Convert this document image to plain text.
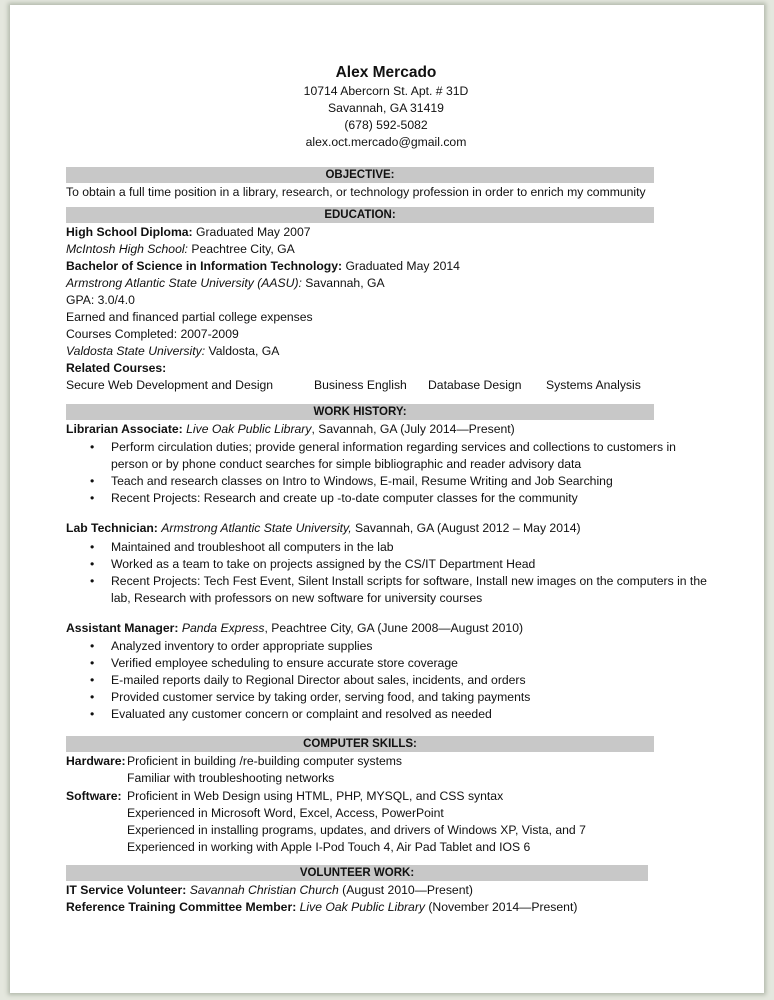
Alex Mercado
10714 Abercorn St. Apt. # 31D
Savannah, GA 31419
(678) 592-5082
alex.oct.mercado@gmail.com
OBJECTIVE:
To obtain a full time position in a library, research, or technology profession in order to enrich my community
EDUCATION:
High School Diploma: Graduated May 2007
McIntosh High School: Peachtree City, GA
Bachelor of Science in Information Technology: Graduated May 2014
Armstrong Atlantic State University (AASU): Savannah, GA
GPA: 3.0/4.0
Earned and financed partial college expenses
Courses Completed: 2007-2009
Valdosta State University: Valdosta, GA
Related Courses:
Secure Web Development and Design	Business English Database Design Systems Analysis
WORK HISTORY:
Librarian Associate: Live Oak Public Library, Savannah, GA (July 2014—Present)
• Perform circulation duties; provide general information regarding services and collections to customers in person or by phone conduct searches for simple bibliographic and reader advisory data
• Teach and research classes on Intro to Windows, E-mail, Resume Writing and Job Searching
• Recent Projects: Research and create up -to-date computer classes for the community
Lab Technician: Armstrong Atlantic State University, Savannah, GA (August 2012 – May 2014)
• Maintained and troubleshoot all computers in the lab
• Worked as a team to take on projects assigned by the CS/IT Department Head
• Recent Projects: Tech Fest Event, Silent Install scripts for software, Install new images on the computers in the lab, Research with professors on new software for university courses
Assistant Manager: Panda Express, Peachtree City, GA (June 2008—August 2010)
• Analyzed inventory to order appropriate supplies
• Verified employee scheduling to ensure accurate store coverage
• E-mailed reports daily to Regional Director about sales, incidents, and orders
• Provided customer service by taking order, serving food, and taking payments
• Evaluated any customer concern or complaint and resolved as needed
COMPUTER SKILLS:
Hardware: Proficient in building /re-building computer systems
Familiar with troubleshooting networks
Software: Proficient in Web Design using HTML, PHP, MYSQL, and CSS syntax
Experienced in Microsoft Word, Excel, Access, PowerPoint
Experienced in installing programs, updates, and drivers of Windows XP, Vista, and 7
Experienced in working with Apple I-Pod Touch 4, Air Pad Tablet and IOS 6
VOLUNTEER WORK:
IT Service Volunteer: Savannah Christian Church (August 2010—Present)
Reference Training Committee Member: Live Oak Public Library (November 2014—Present)
